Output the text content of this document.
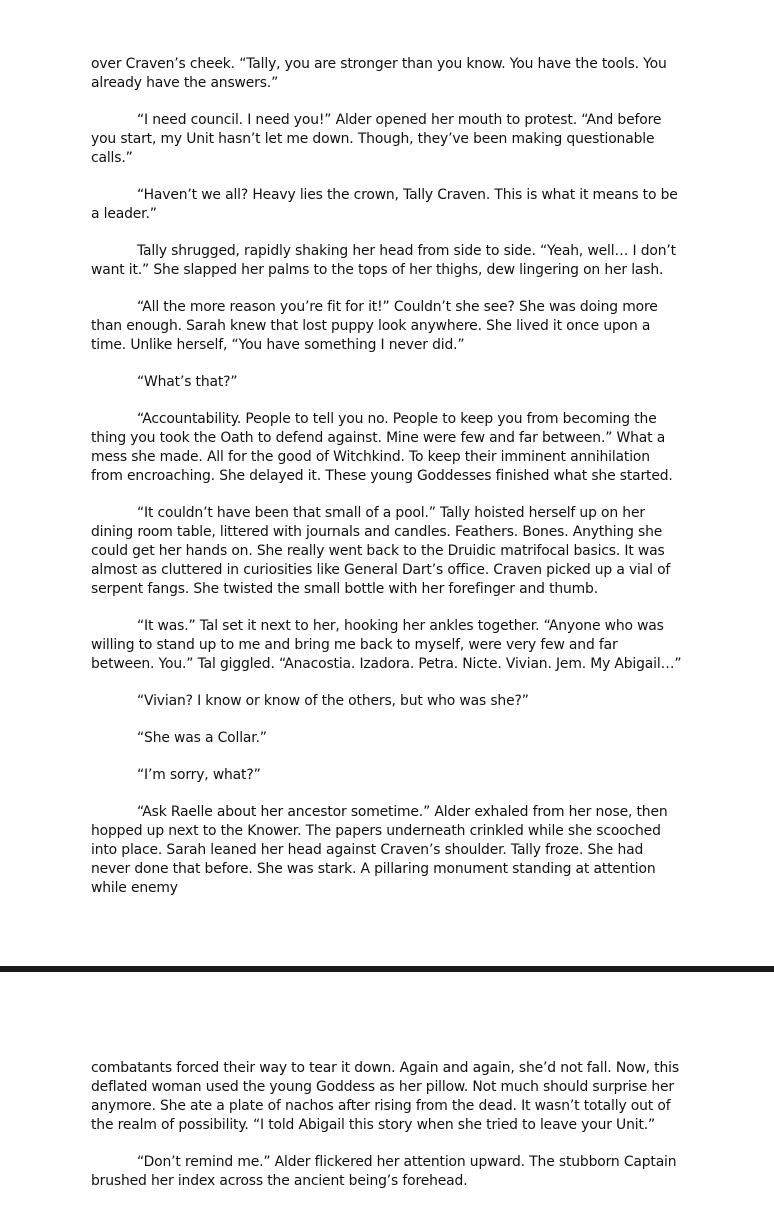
over Craven’s cheek. “Tally, you are stronger than you know. You have the tools. You already have the answers.”

“I need council. I need you!” Alder opened her mouth to protest. “And before you start, my Unit hasn’t let me down. Though, they’ve been making questionable calls.”

“Haven’t we all? Heavy lies the crown, Tally Craven. This is what it means to be a leader.”

Tally shrugged, rapidly shaking her head from side to side. “Yeah, well… I don’t want it.” She slapped her palms to the tops of her thighs, dew lingering on her lash.

“All the more reason you’re fit for it!” Couldn’t she see? She was doing more than enough. Sarah knew that lost puppy look anywhere. She lived it once upon a time. Unlike herself, “You have something I never did.”

“What’s that?”

“Accountability. People to tell you no. People to keep you from becoming the thing you took the Oath to defend against. Mine were few and far between.” What a mess she made. All for the good of Witchkind. To keep their imminent annihilation from encroaching. She delayed it. These young Goddesses finished what she started.

“It couldn’t have been that small of a pool.” Tally hoisted herself up on her dining room table, littered with journals and candles. Feathers. Bones. Anything she could get her hands on. She really went back to the Druidic matrifocal basics. It was almost as cluttered in curiosities like General Dart’s office. Craven picked up a vial of serpent fangs. She twisted the small bottle with her forefinger and thumb.

“It was.” Tal set it next to her, hooking her ankles together. “Anyone who was willing to stand up to me and bring me back to myself, were very few and far between. You.” Tal giggled. “Anacostia. Izadora. Petra. Nicte. Vivian. Jem. My Abigail…”

“Vivian? I know or know of the others, but who was she?”

“She was a Collar.”

“I’m sorry, what?”

“Ask Raelle about her ancestor sometime.” Alder exhaled from her nose, then hopped up next to the Knower. The papers underneath crinkled while she scooched into place. Sarah leaned her head against Craven’s shoulder. Tally froze. She had never done that before. She was stark. A pillaring monument standing at attention while enemy

combatants forced their way to tear it down. Again and again, she’d not fall. Now, this deflated woman used the young Goddess as her pillow. Not much should surprise her anymore. She ate a plate of nachos after rising from the dead. It wasn’t totally out of the realm of possibility. “I told Abigail this story when she tried to leave your Unit.”

“Don’t remind me.” Alder flickered her attention upward. The stubborn Captain brushed her index across the ancient being’s forehead.
